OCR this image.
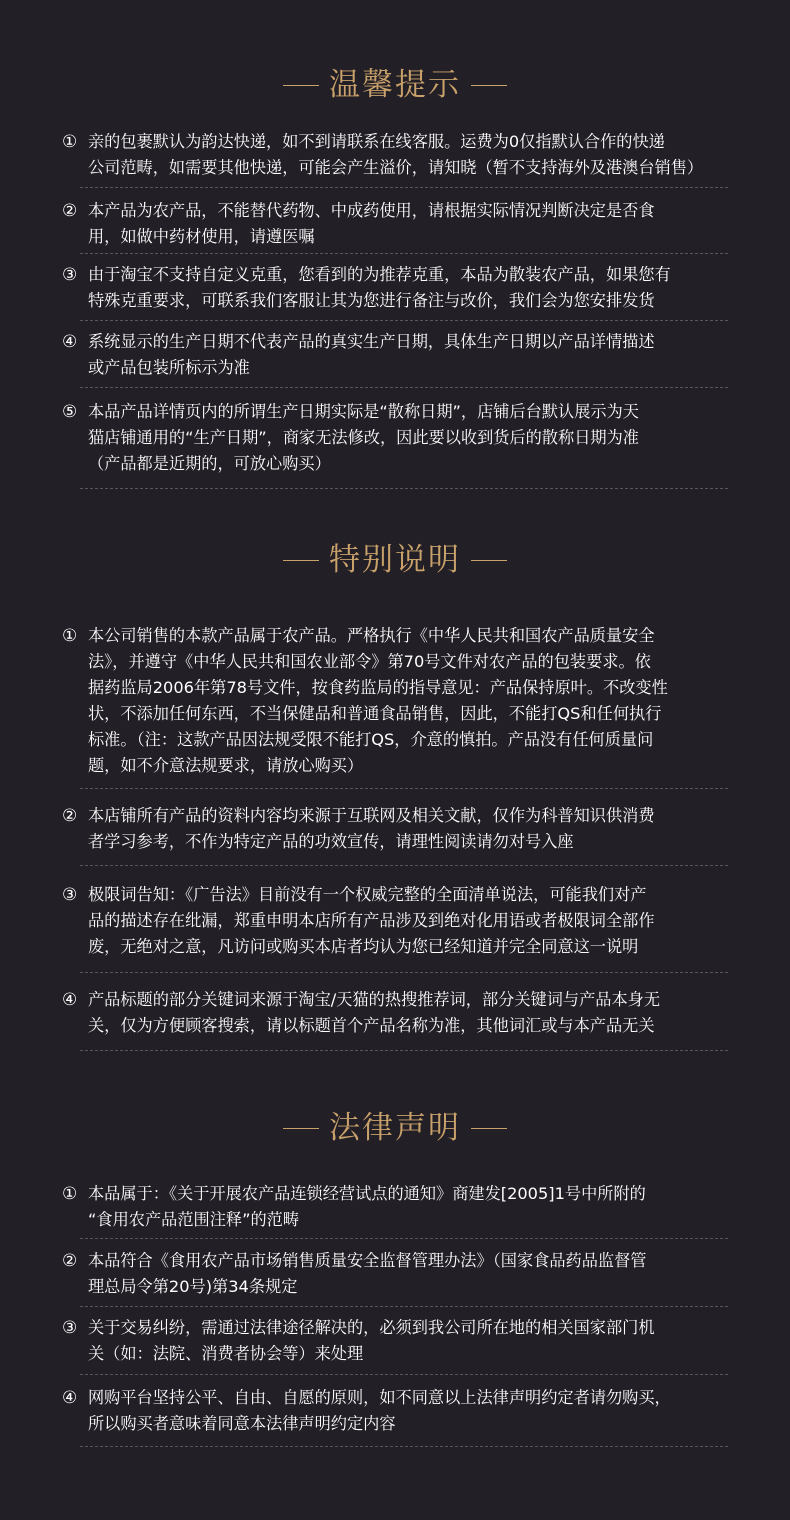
温馨提示
① 亲的包裹默认为韵达快递，如不到请联系在线客服。运费为0仅指默认合作的快递
公司范畴，如需要其他快递，可能会产生溢价，请知晓（暂不支持海外及港澳台销售）
② 本产品为农产品，不能替代药物、中成药使用，请根据实际情况判断决定是否食
用，如做中药材使用，请遵医嘱
③ 由于淘宝不支持自定义克重，您看到的为推荐克重，本品为散装农产品，如果您有
特殊克重要求，可联系我们客服让其为您进行备注与改价，我们会为您安排发货
④ 系统显示的生产日期不代表产品的真实生产日期，具体生产日期以产品详情描述
或产品包装所标示为准
⑤ 本品产品详情页内的所谓生产日期实际是“散称日期”，店铺后台默认展示为天
猫店铺通用的“生产日期”，商家无法修改，因此要以收到货后的散称日期为准
（产品都是近期的，可放心购买）
特别说明
① 本公司销售的本款产品属于农产品。严格执行《中华人民共和国农产品质量安全
法》，并遵守《中华人民共和国农业部令》第70号文件对农产品的包装要求。依
据药监局2006年第78号文件，按食药监局的指导意见：产品保持原叶。不改变性
状，不添加任何东西，不当保健品和普通食品销售，因此，不能打QS和任何执行
标准。（注：这款产品因法规受限不能打QS，介意的慎拍。产品没有任何质量问
题，如不介意法规要求，请放心购买）
② 本店铺所有产品的资料内容均来源于互联网及相关文献，仅作为科普知识供消费
者学习参考，不作为特定产品的功效宣传，请理性阅读请勿对号入座
③ 极限词告知：《广告法》目前没有一个权威完整的全面清单说法，可能我们对产
品的描述存在纰漏，郑重申明本店所有产品涉及到绝对化用语或者极限词全部作
废，无绝对之意，凡访问或购买本店者均认为您已经知道并完全同意这一说明
④ 产品标题的部分关键词来源于淘宝/天猫的热搜推荐词，部分关键词与产品本身无
关，仅为方便顾客搜索，请以标题首个产品名称为准，其他词汇或与本产品无关
法律声明
① 本品属于：《关于开展农产品连锁经营试点的通知》商建发[2005]1号中所附的
“食用农产品范围注释”的范畴
② 本品符合《食用农产品市场销售质量安全监督管理办法》（国家食品药品监督管
理总局令第20号)第34条规定
③ 关于交易纠纷，需通过法律途径解决的，必须到我公司所在地的相关国家部门机
关（如：法院、消费者协会等）来处理
④ 网购平台坚持公平、自由、自愿的原则，如不同意以上法律声明约定者请勿购买，
所以购买者意味着同意本法律声明约定内容
